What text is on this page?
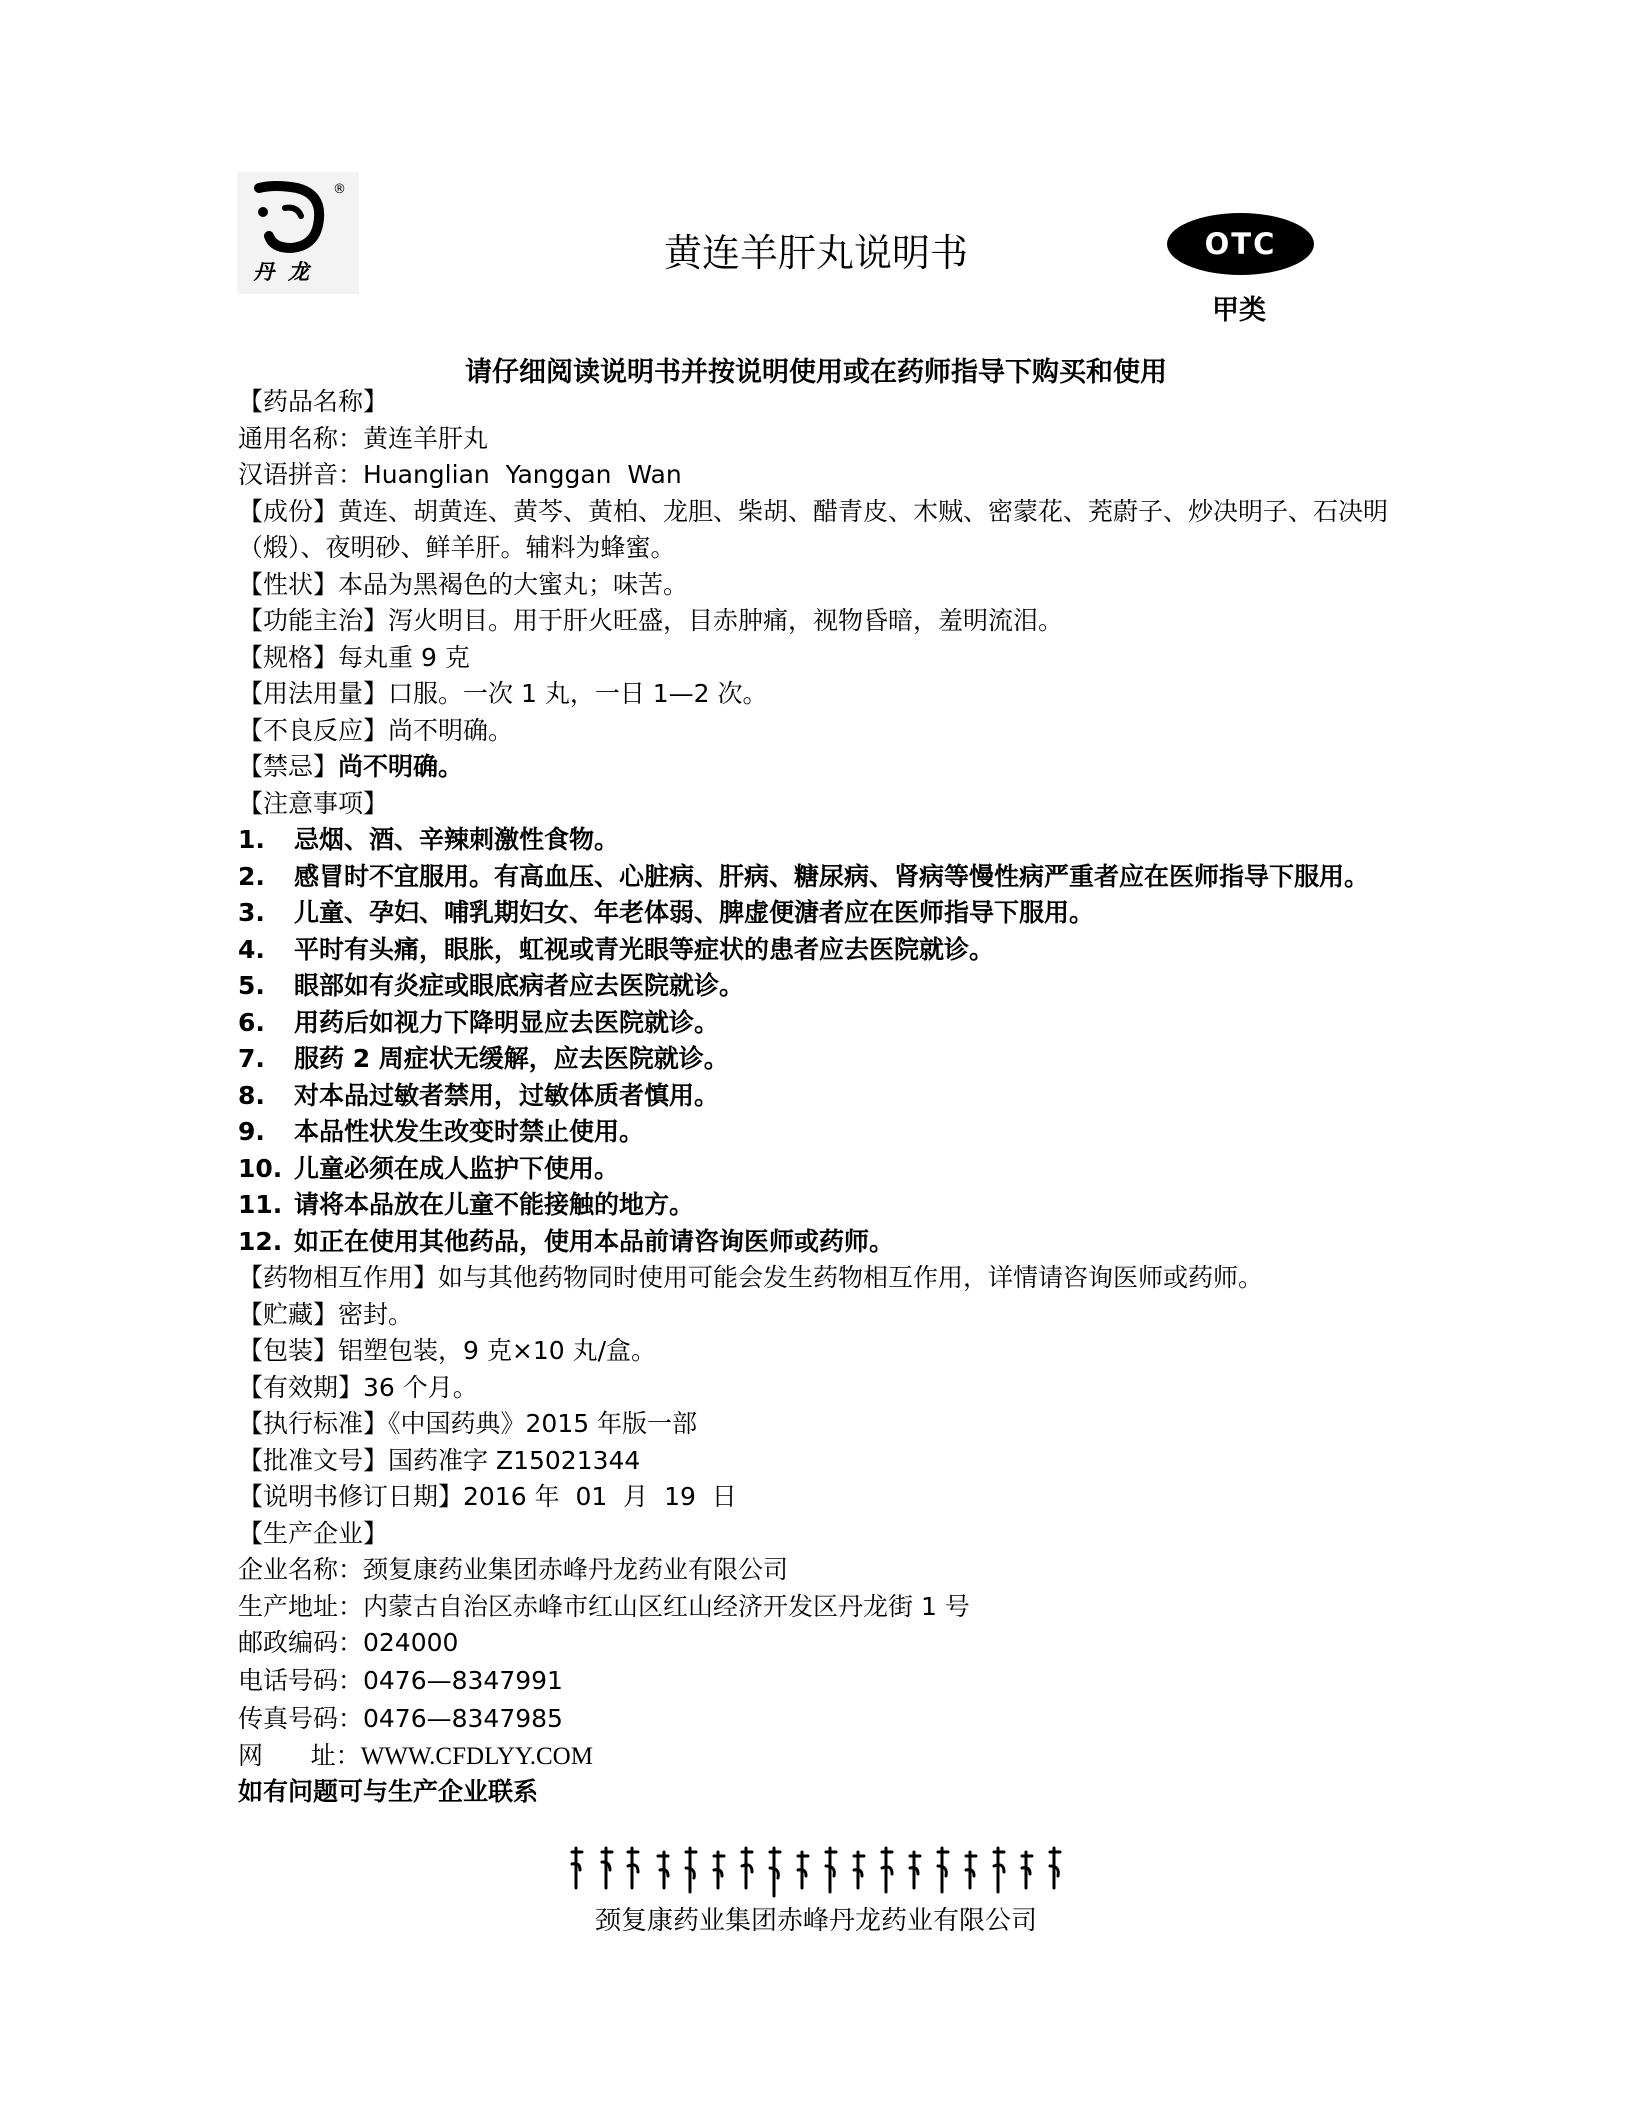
®
丹龙	黄连羊肝丸说明书	OTC
甲类
请仔细阅读说明书并按说明使用或在药师指导下购买和使用
【药品名称】
通用名称：黄连羊肝丸
汉语拼音：Huanglian  Yanggan  Wan
【成份】黄连、胡黄连、黄芩、黄柏、龙胆、柴胡、醋青皮、木贼、密蒙花、茺蔚子、炒决明子、石决明（煅）、夜明砂、鲜羊肝。辅料为蜂蜜。
【性状】本品为黑褐色的大蜜丸；味苦。
【功能主治】泻火明目。用于肝火旺盛，目赤肿痛，视物昏暗，羞明流泪。
【规格】每丸重 9 克
【用法用量】口服。一次 1 丸，一日 1—2 次。
【不良反应】尚不明确。
【禁忌】尚不明确。
【注意事项】
1.	忌烟、酒、辛辣刺激性食物。
2. 感冒时不宜服用。有高血压、心脏病、肝病、糖尿病、肾病等慢性病严重者应在医师指导下服用。
3.	儿童、孕妇、哺乳期妇女、年老体弱、脾虚便溏者应在医师指导下服用。
4.	平时有头痛，眼胀，虹视或青光眼等症状的患者应去医院就诊。
5.	眼部如有炎症或眼底病者应去医院就诊。
6.	用药后如视力下降明显应去医院就诊。
7.	服药 2 周症状无缓解，应去医院就诊。
8.	对本品过敏者禁用，过敏体质者慎用。
9.	本品性状发生改变时禁止使用。
10. 儿童必须在成人监护下使用。
11. 请将本品放在儿童不能接触的地方。
12. 如正在使用其他药品，使用本品前请咨询医师或药师。
【药物相互作用】如与其他药物同时使用可能会发生药物相互作用，详情请咨询医师或药师。
【贮藏】密封。
【包装】铝塑包装，9 克×10 丸/盒。
【有效期】36 个月。
【执行标准】《中国药典》2015 年版一部
【批准文号】国药准字 Z15021344
【说明书修订日期】2016 年  01  月  19  日
【生产企业】
企业名称：颈复康药业集团赤峰丹龙药业有限公司
生产地址：内蒙古自治区赤峰市红山区红山经济开发区丹龙街 1 号
邮政编码：024000
电话号码：0476—8347991
传真号码：0476—8347985
网      址：WWW.CFDLYY.COM
如有问题可与生产企业联系
颈复康药业集团赤峰丹龙药业有限公司
